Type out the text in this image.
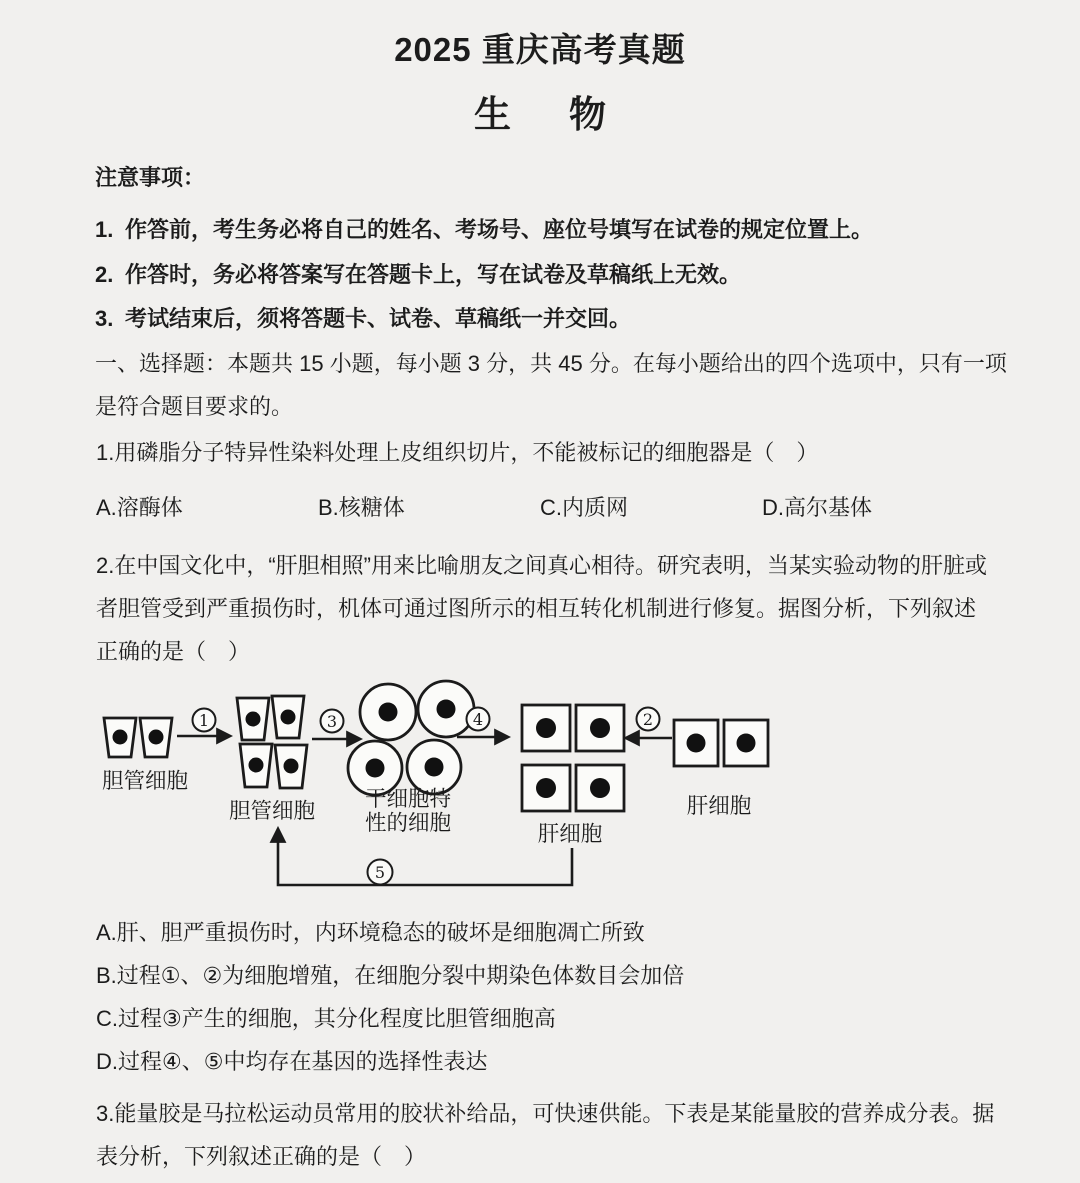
2025 重庆高考真题
生物
注意事项：
1. 作答前，考生务必将自己的姓名、考场号、座位号填写在试卷的规定位置上。
2. 作答时，务必将答案写在答题卡上，写在试卷及草稿纸上无效。
3. 考试结束后，须将答题卡、试卷、草稿纸一并交回。
一、选择题：本题共 15 小题，每小题 3 分，共 45 分。在每小题给出的四个选项中，只有一项
是符合题目要求的。
1.用磷脂分子特异性染料处理上皮组织切片，不能被标记的细胞器是（　）
A.溶酶体	B.核糖体	C.内质网	D.高尔基体
2.在中国文化中，“肝胆相照”用来比喻朋友之间真心相待。研究表明，当某实验动物的肝脏或
者胆管受到严重损伤时，机体可通过图所示的相互转化机制进行修复。据图分析，下列叙述
正确的是（　）
胆管细胞
1
胆管细胞
3
干细胞特
性的细胞
4
肝细胞
2
肝细胞
5
A.肝、胆严重损伤时，内环境稳态的破坏是细胞凋亡所致
B.过程①、②为细胞增殖，在细胞分裂中期染色体数目会加倍
C.过程③产生的细胞，其分化程度比胆管细胞高
D.过程④、⑤中均存在基因的选择性表达
3.能量胶是马拉松运动员常用的胶状补给品，可快速供能。下表是某能量胶的营养成分表。据
表分析，下列叙述正确的是（　）
